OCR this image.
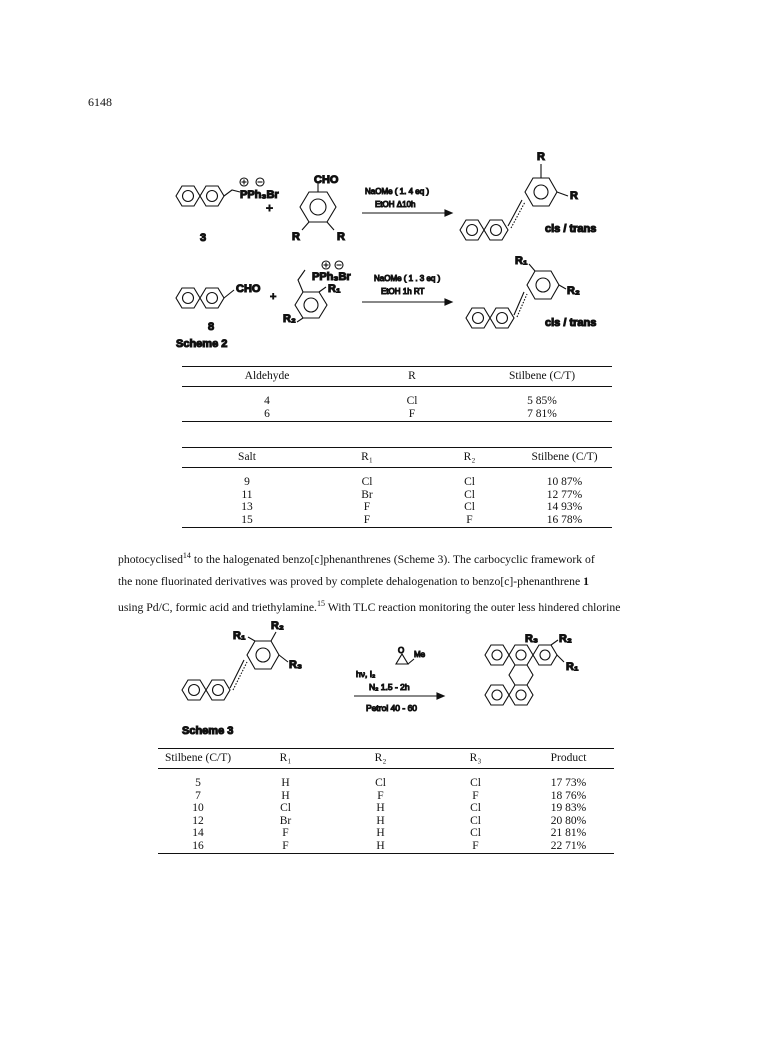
6148
PPh₃Br
3
+
CHO
R	R
NaOMe ( 1. 4 eq )
EtOH Δ10h
R
R
cis / trans
CHO
8
+
PPh₃Br
R₁
R₂
NaOMe ( 1 . 3 eq )
EtOH 1h RT
R₁
R₂
cis / trans
Scheme 2
Aldehyde	R	Stilbene (C/T)

4	Cl	5 85%
6	F	7 81%
Salt	R₁	R₂	Stilbene (C/T)

9	Cl	Cl	10 87%
11	Br	Cl	12 77%
13	F	Cl	14 93%
15	F	F	16 78%
photocyclised$^{14}$ to the halogenated benzo[c]phenanthrenes (Scheme 3). The carbocyclic framework of
the none fluorinated derivatives was proved by complete dehalogenation to benzo[c]-phenanthrene 1
using Pd/C, formic acid and triethylamine.$^{15}$ With TLC reaction monitoring the outer less hindered chlorine
R₂
R₁
R₃
hν, I₂
O Me
N₂ 1.5 - 2h
Petrol 40 - 60
R₃ R₂
R₁
Scheme 3
Stilbene (C/T)	R₁	R₂	R₃	Product

5	H	Cl	Cl	17 73%
7	H	F	F	18 76%
10	Cl	H	Cl	19 83%
12	Br	H	Cl	20 80%
14	F	H	Cl	21 81%
16	F	H	F	22 71%
